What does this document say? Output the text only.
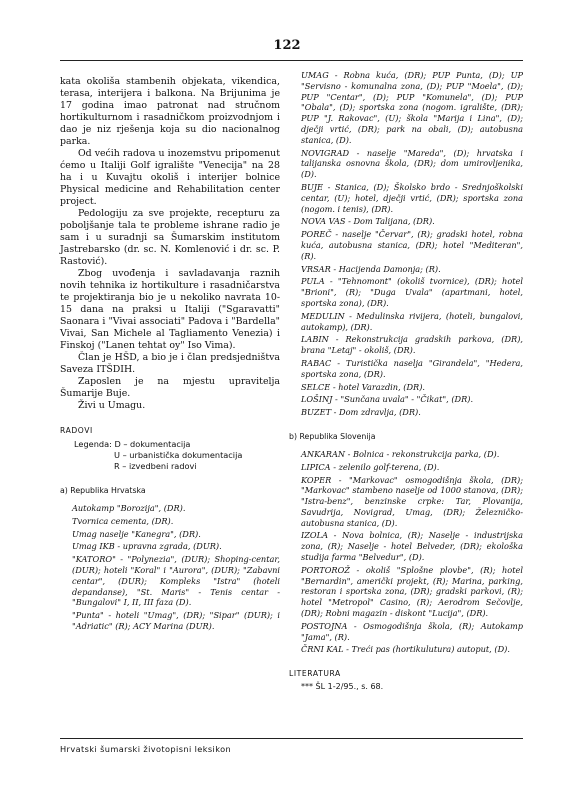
122

kata okoliša stambenih objekata, vikendica, terasa, interijera i balkona. Na Brijunima je 17 godina imao patronat nad stručnom hortikulturnom i rasadničkom proizvodnjom i dao je niz rješenja koja su dio nacionalnog parka.

Od većih radova u inozemstvu pripomenut ćemo u Italiji Golf igralište "Venecija" na 28 ha i u Kuvajtu okoliš i interijer bolnice Physical medicine and Rehabilitation center project.

Pedologiju za sve projekte, recepturu za poboljšanje tala te probleme ishrane radio je sam i u suradnji sa Šumarskim institutom Jastrebarsko (dr. sc. N. Komlenović i dr. sc. P. Rastović).

Zbog uvođenja i savladavanja raznih novih tehnika iz hortikulture i rasadničarstva te projektiranja bio je u nekoliko navrata 10-15 dana na praksi u Italiji ("Sgaravatti" Saonara i "Vivai associati" Padova i "Bardella" Vivai, San Michele al Tagliamento Venezia) i Finskoj ("Lanen tehtat oy" Iso Vima).

Član je HŠD, a bio je i član predsjedništva Saveza ITŠDIH.

Zaposlen je na mjestu upravitelja Šumarije Buje.

Živi u Umagu.

RADOVI

Legenda: D – dokumentacija

U – urbanistička dokumentacija

R – izvedbeni radovi

a) Republika Hrvatska

Autokamp "Borozija", (DR).

Tvornica cementa, (DR).

Umag naselje "Kanegra", (DR).

Umag IKB - upravna zgrada, (DUR).

"KATORO" - "Polynezia", (DUR); Shoping-centar, (DUR); hoteli "Koral" i "Aurora", (DUR); "Zabavni centar", (DUR); Kompleks "Istra" (hoteli depandanse), "St. Maris" - Tenis centar - "Bungalovi" I, II, III faza (D).

"Punta" - hoteli "Umag", (DR); "Sipar" (DUR); i "Adriatic" (R); ACY Marina (DUR).

UMAG - Robna kuća, (DR); PUP Punta, (D); UP "Servisno - komunalna zona, (D); PUP "Moela", (D); PUP "Centar", (D); PUP "Komunela", (D); PUP "Obala", (D); sportska zona (nogom. igralište, (DR); PUP "J. Rakovac", (U); škola "Marija i Lina", (D); dječji vrtić, (DR); park na obali, (D); autobusna stanica, (D).

NOVIGRAD - naselje "Mareda", (D); hrvatska i talijanska osnovna škola, (DR); dom umirovljenika, (D).

BUJE - Stanica, (D); Školsko brdo - Srednjoškolski centar, (U); hotel, dječji vrtić, (DR); sportska zona (nogom. i tenis), (DR).

NOVA VAS - Dom Talijana, (DR).

POREČ - naselje "Červar", (R); gradski hotel, robna kuća, autobusna stanica, (DR); hotel "Mediteran", (R).

VRSAR - Hacijenda Damonja; (R).

PULA - "Tehnomont" (okoliš tvornice), (DR); hotel "Brioni", (R); "Duga Uvala" (apartmani, hotel, sportska zona), (DR).

MEDULIN - Medulinska rivijera, (hoteli, bungalovi, autokamp), (DR).

LABIN - Rekonstrukcija gradskih parkova, (DR), brana "Letaj" - okoliš, (DR).

RABAC - Turistička naselja "Girandela", "Hedera, sportska zona, (DR).

SELCE - hotel Varazdin, (DR).

LOŠINJ - "Sunčana uvala" - "Čikat", (DR).

BUZET - Dom zdravlja, (DR).

b) Republika Slovenija

ANKARAN - Bolnica - rekonstrukcija parka, (D).

LIPICA - zelenilo golf-terena, (D).

KOPER - "Markovac" osmogodišnja škola, (DR); "Markovac" stambeno naselje od 1000 stanova, (DR); "Istra-benz", benzinske crpke: Tar, Plovanija, Savudrija, Novigrad, Umag, (DR); Železničko-autobusna stanica, (D).

IZOLA - Nova bolnica, (R); Naselje - industrijska zona, (R); Naselje - hotel Belveder, (DR); ekološka studija farma "Belvedur", (D).

PORTOROŽ - okoliš "Splošne plovbe", (R); hotel "Bernardin", američki projekt, (R); Marina, parking, restoran i sportska zona, (DR); gradski parkovi, (R); hotel "Metropol" Casino, (R); Aerodrom Sečovlje, (DR); Robni magazin - diskont "Lucija", (DR).

POSTOJNA - Osmogodišnja škola, (R); Autokamp "Jama", (R).

ČRNI KAL - Treći pas (hortikulutura) autoput, (D).

LITERATURA

*** ŠL 1-2/95., s. 68.

Hrvatski šumarski životopisni leksikon
